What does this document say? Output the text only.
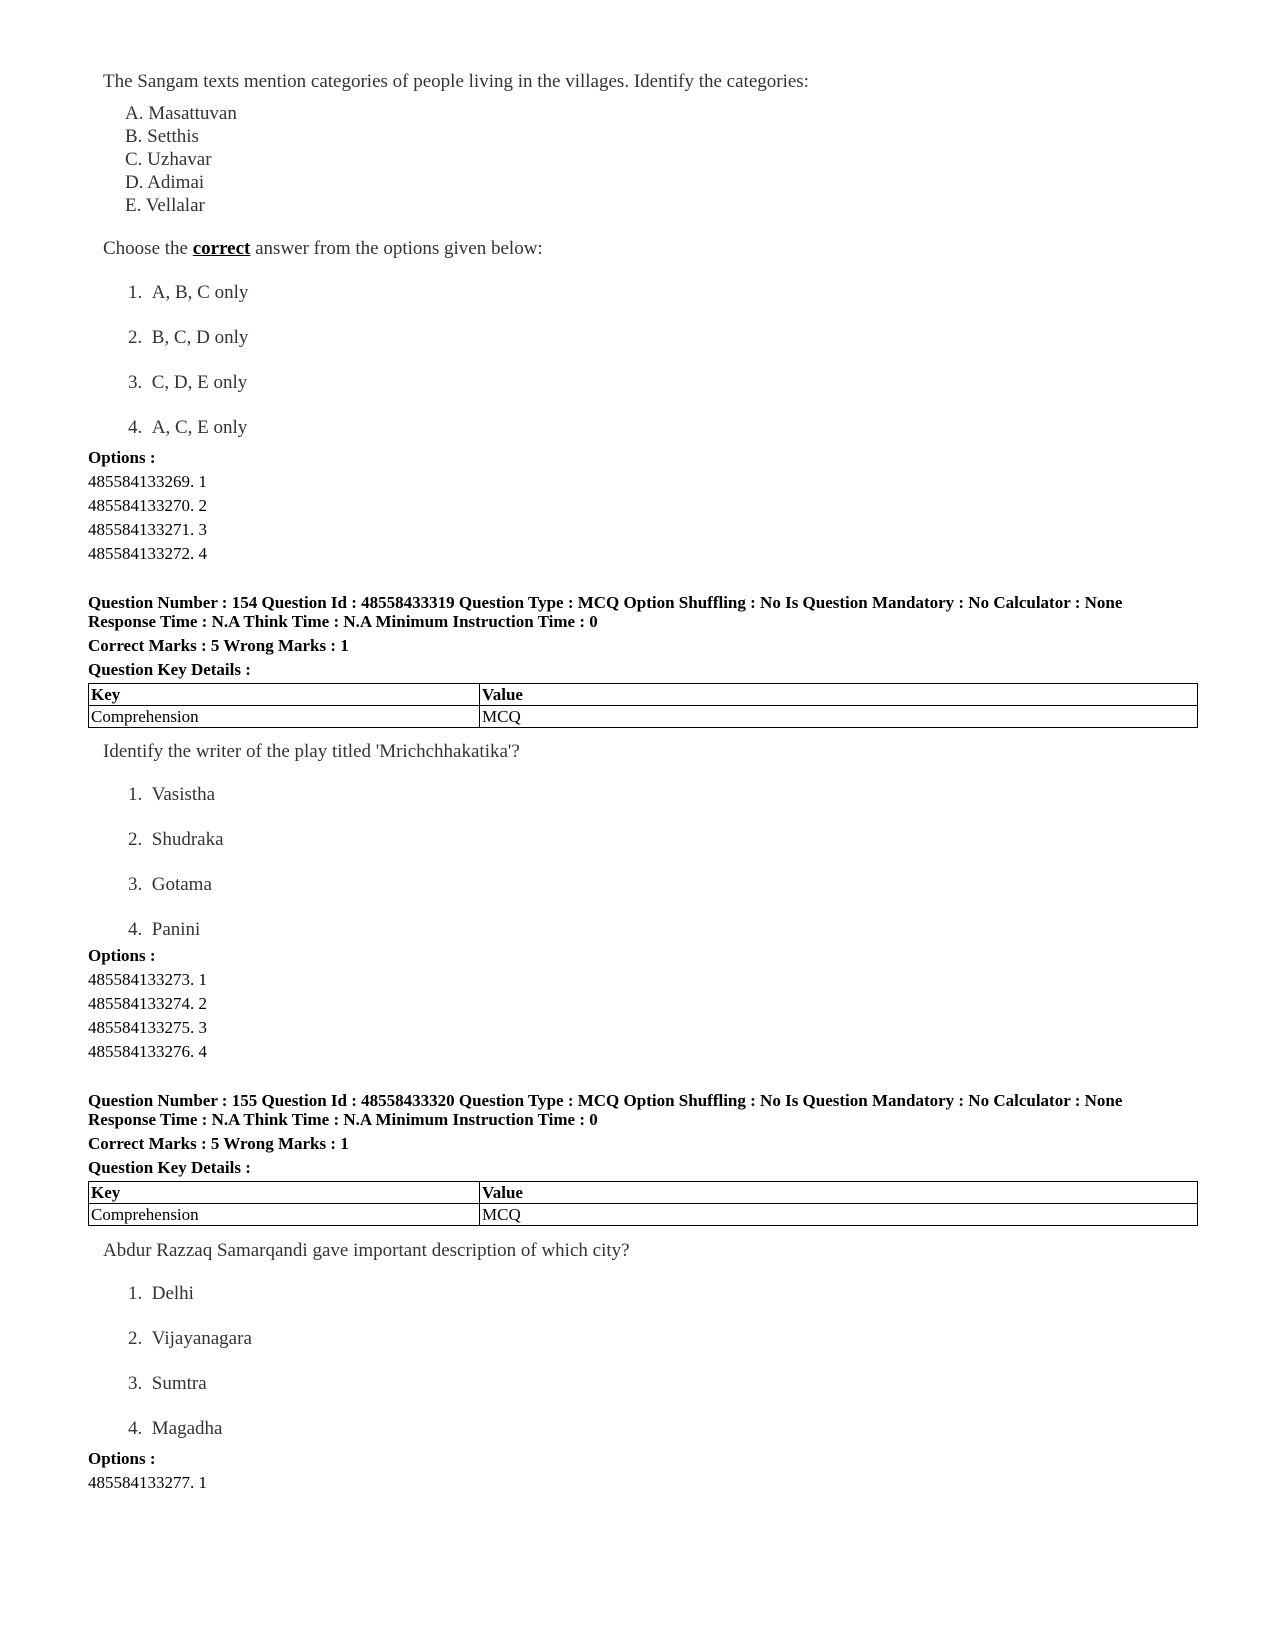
The Sangam texts mention categories of people living in the villages. Identify the categories:

A. Masattuvan
B. Setthis
C. Uzhavar
D. Adimai
E. Vellalar

Choose the correct answer from the options given below:

1.
A, B, C only
2.
B, C, D only
3.
C, D, E only
4.
A, C, E only
Options :
485584133269. 1
485584133270. 2
485584133271. 3
485584133272. 4
Question Number : 154 Question Id : 48558433319 Question Type : MCQ Option Shuffling : No Is Question Mandatory : No Calculator : None
Response Time : N.A Think Time : N.A Minimum Instruction Time : 0
Correct Marks : 5 Wrong Marks : 1
Question Key Details :
Key	Value
Comprehension	MCQ

Identify the writer of the play titled 'Mrichchhakatika'?

1.
Vasistha
2.
Shudraka
3.
Gotama
4.
Panini
Options :
485584133273. 1
485584133274. 2
485584133275. 3
485584133276. 4
Question Number : 155 Question Id : 48558433320 Question Type : MCQ Option Shuffling : No Is Question Mandatory : No Calculator : None
Response Time : N.A Think Time : N.A Minimum Instruction Time : 0
Correct Marks : 5 Wrong Marks : 1
Question Key Details :
Key	Value
Comprehension	MCQ

Abdur Razzaq Samarqandi gave important description of which city?

1.
Delhi
2.
Vijayanagara
3.
Sumtra
4.
Magadha
Options :
485584133277. 1
